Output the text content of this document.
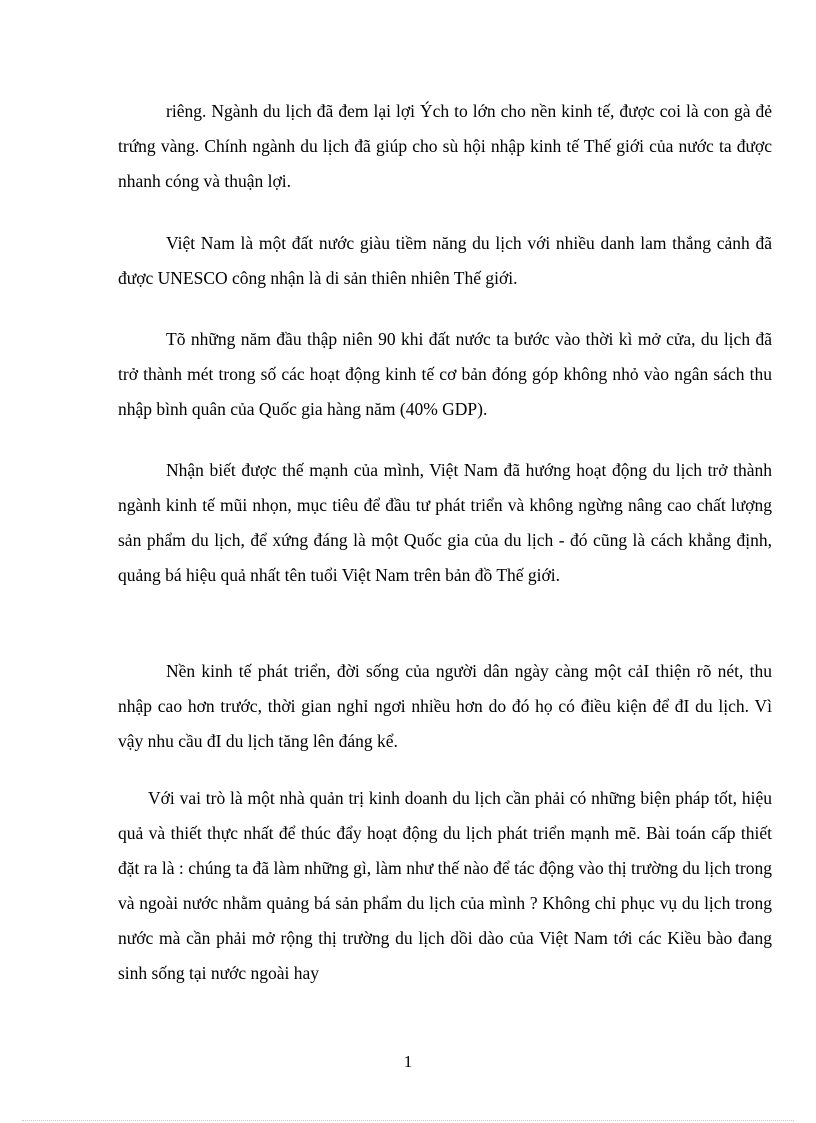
riêng. Ngành du lịch đã đem lại lợi Ých to lớn cho nền kinh tế, được coi là con gà đẻ trứng vàng. Chính ngành du lịch đã giúp cho sù hội nhập kinh tế Thế giới của nước ta được nhanh cóng và thuận lợi.

Việt Nam là một đất nước giàu tiềm năng du lịch với nhiều danh lam thắng cảnh đã được UNESCO công nhận là di sản thiên nhiên Thế giới.

Tõ những năm đầu thập niên 90 khi đất nước ta bước vào thời kì mở cửa, du lịch đã trở thành mét trong số các hoạt động kinh tế cơ bản đóng góp không nhỏ vào ngân sách thu nhập bình quân của Quốc gia hàng năm (40% GDP).

Nhận biết được thế mạnh của mình, Việt Nam đã hướng hoạt động du lịch trở thành ngành kinh tế mũi nhọn, mục tiêu để đầu tư phát triển và không ngừng nâng cao chất lượng sản phẩm du lịch, để xứng đáng là một Quốc gia của du lịch - đó cũng là cách khẳng định, quảng bá hiệu quả nhất tên tuổi Việt Nam trên bản đồ Thế giới.

Nền kinh tế phát triển, đời sống của người dân ngày càng một cảI thiện rõ nét, thu nhập cao hơn trước, thời gian nghỉ ngơi nhiều hơn do đó họ có điều kiện để đI du lịch. Vì vậy nhu cầu đI du lịch tăng lên đáng kể.

Với vai trò là một nhà quản trị kinh doanh du lịch cần phải có những biện pháp tốt, hiệu quả và thiết thực nhất để thúc đẩy hoạt động du lịch phát triển mạnh mẽ. Bài toán cấp thiết đặt ra là : chúng ta đã làm những gì, làm như thế nào để tác động vào thị trường du lịch trong và ngoài nước nhằm quảng bá sản phẩm du lịch của mình ? Không chỉ phục vụ du lịch trong nước mà cần phải mở rộng thị trường du lịch dồi dào của Việt Nam tới các Kiều bào đang sinh sống tại nước ngoài hay

1
